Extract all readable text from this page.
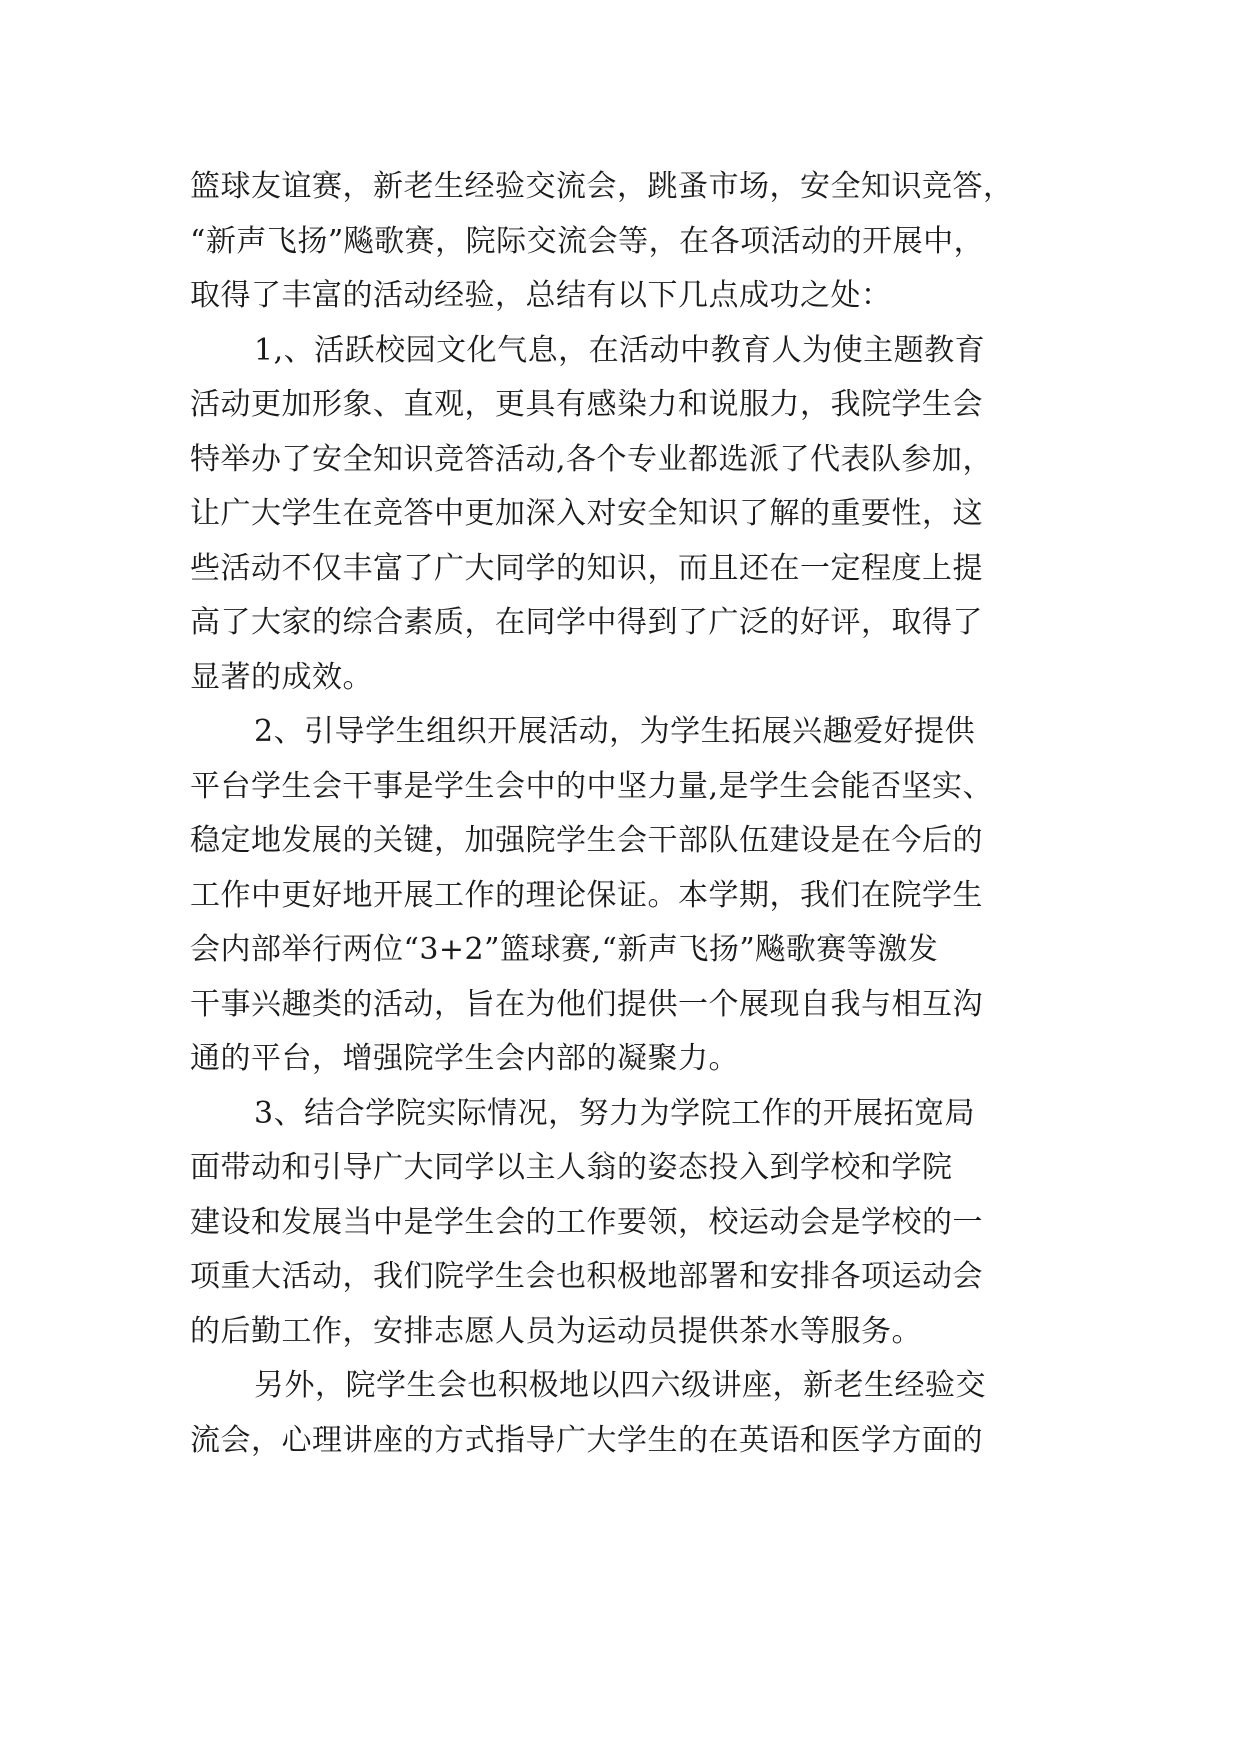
篮球友谊赛，新老生经验交流会，跳蚤市场，安全知识竞答，
“新声飞扬”飚歌赛，院际交流会等，在各项活动的开展中，
取得了丰富的活动经验，总结有以下几点成功之处：
1,、活跃校园文化气息，在活动中教育人为使主题教育
活动更加形象、直观，更具有感染力和说服力，我院学生会
特举办了安全知识竞答活动,各个专业都选派了代表队参加，
让广大学生在竞答中更加深入对安全知识了解的重要性，这
些活动不仅丰富了广大同学的知识，而且还在一定程度上提
高了大家的综合素质，在同学中得到了广泛的好评，取得了
显著的成效。
2、引导学生组织开展活动，为学生拓展兴趣爱好提供
平台学生会干事是学生会中的中坚力量,是学生会能否坚实、
稳定地发展的关键，加强院学生会干部队伍建设是在今后的
工作中更好地开展工作的理论保证。本学期，我们在院学生
会内部举行两位“3+2”篮球赛,“新声飞扬”飚歌赛等激发
干事兴趣类的活动，旨在为他们提供一个展现自我与相互沟
通的平台，增强院学生会内部的凝聚力。
3、结合学院实际情况，努力为学院工作的开展拓宽局
面带动和引导广大同学以主人翁的姿态投入到学校和学院
建设和发展当中是学生会的工作要领，校运动会是学校的一
项重大活动，我们院学生会也积极地部署和安排各项运动会
的后勤工作，安排志愿人员为运动员提供茶水等服务。
另外，院学生会也积极地以四六级讲座，新老生经验交
流会，心理讲座的方式指导广大学生的在英语和医学方面的
